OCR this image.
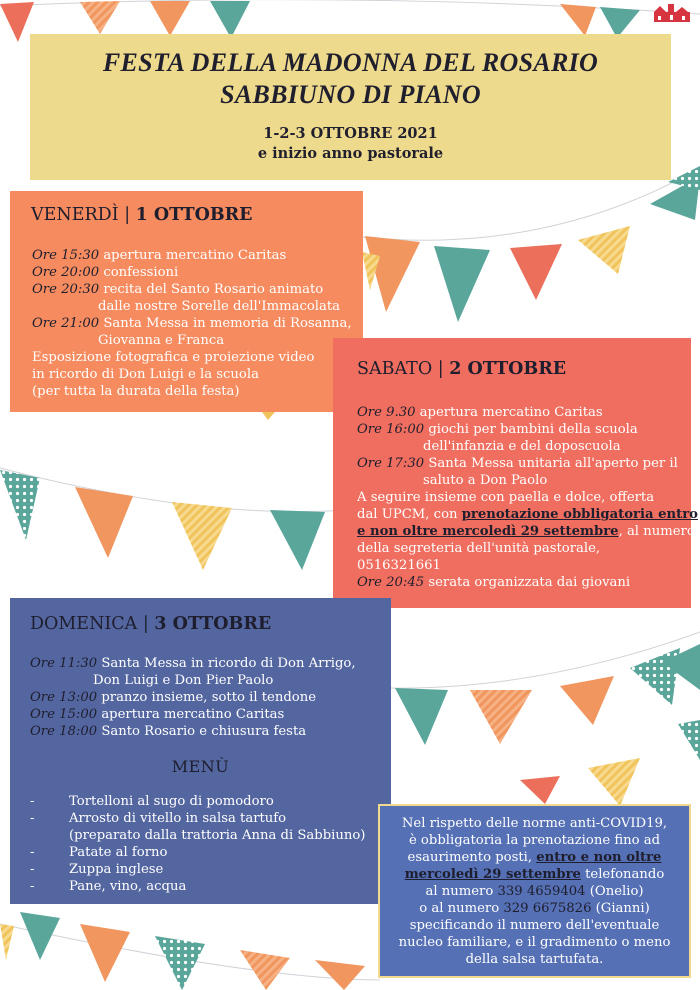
FESTA DELLA MADONNA DEL ROSARIO
SABBIUNO DI PIANO
1-2-3 OTTOBRE 2021
e inizio anno pastorale
VENERDÌ | 1 OTTOBRE
Ore 15:30 apertura mercatino Caritas
Ore 20:00 confessioni
Ore 20:30 recita del Santo Rosario animato
dalle nostre Sorelle dell'Immacolata
Ore 21:00 Santa Messa in memoria di Rosanna,
Giovanna e Franca
Esposizione fotografica e proiezione video
in ricordo di Don Luigi e la scuola
(per tutta la durata della festa)
SABATO | 2 OTTOBRE
Ore 9.30 apertura mercatino Caritas
Ore 16:00 giochi per bambini della scuola
dell'infanzia e del doposcuola
Ore 17:30 Santa Messa unitaria all'aperto per il
saluto a Don Paolo
A seguire insieme con paella e dolce, offerta
dal UPCM, con prenotazione obbligatoria entro
e non oltre mercoledì 29 settembre, al numero
della segreteria dell'unità pastorale,
0516321661
Ore 20:45 serata organizzata dai giovani
DOMENICA | 3 OTTOBRE
Ore 11:30 Santa Messa in ricordo di Don Arrigo,
Don Luigi e Don Pier Paolo
Ore 13:00 pranzo insieme, sotto il tendone
Ore 15:00 apertura mercatino Caritas
Ore 18:00 Santo Rosario e chiusura festa
MENÙ
-	Tortelloni al sugo di pomodoro
-	Arrosto di vitello in salsa tartufo
(preparato dalla trattoria Anna di Sabbiuno)
-	Patate al forno
-	Zuppa inglese
-	Pane, vino, acqua
Nel rispetto delle norme anti-COVID19,
è obbligatoria la prenotazione fino ad
esaurimento posti, entro e non oltre
mercoledì 29 settembre telefonando
al numero 339 4659404 (Onelio)
o al numero 329 6675826 (Gianni)
specificando il numero dell'eventuale
nucleo familiare, e il gradimento o meno
della salsa tartufata.
